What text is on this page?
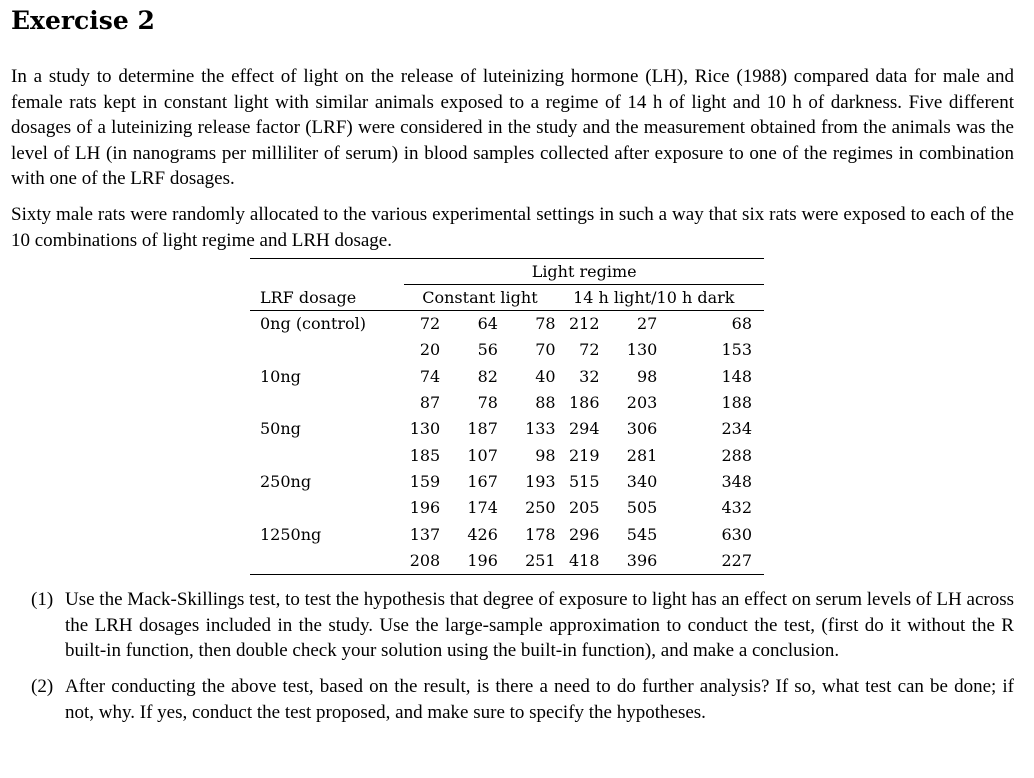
Exercise 2

In a study to determine the effect of light on the release of luteinizing hormone (LH), Rice (1988) compared data for male and female rats kept in constant light with similar animals exposed to a regime of 14 h of light and 10 h of darkness. Five different dosages of a luteinizing release factor (LRF) were considered in the study and the measurement obtained from the animals was the level of LH (in nanograms per milliliter of serum) in blood samples collected after exposure to one of the regimes in combination with one of the LRF dosages.

Sixty male rats were randomly allocated to the various experimental settings in such a way that six rats were exposed to each of the 10 combinations of light regime and LRH dosage.

	Light regime					
LRF dosage	Constant light			14 h light/10 h dark		
0ng (control)	72	64	78	212	27	68
	20	56	70	72	130	153
10ng	74	82	40	32	98	148
	87	78	88	186	203	188
50ng	130	187	133	294	306	234
	185	107	98	219	281	288
250ng	159	167	193	515	340	348
	196	174	250	205	505	432
1250ng	137	426	178	296	545	630
	208	196	251	418	396	227
(1) Use the Mack-Skillings test, to test the hypothesis that degree of exposure to light has an effect on serum levels of LH across the LRH dosages included in the study. Use the large-sample approximation to conduct the test, (first do it without the R built-in function, then double check your solution using the built-in function), and make a conclusion.
(2) After conducting the above test, based on the result, is there a need to do further analysis? If so, what test can be done; if not, why. If yes, conduct the test proposed, and make sure to specify the hypotheses.
